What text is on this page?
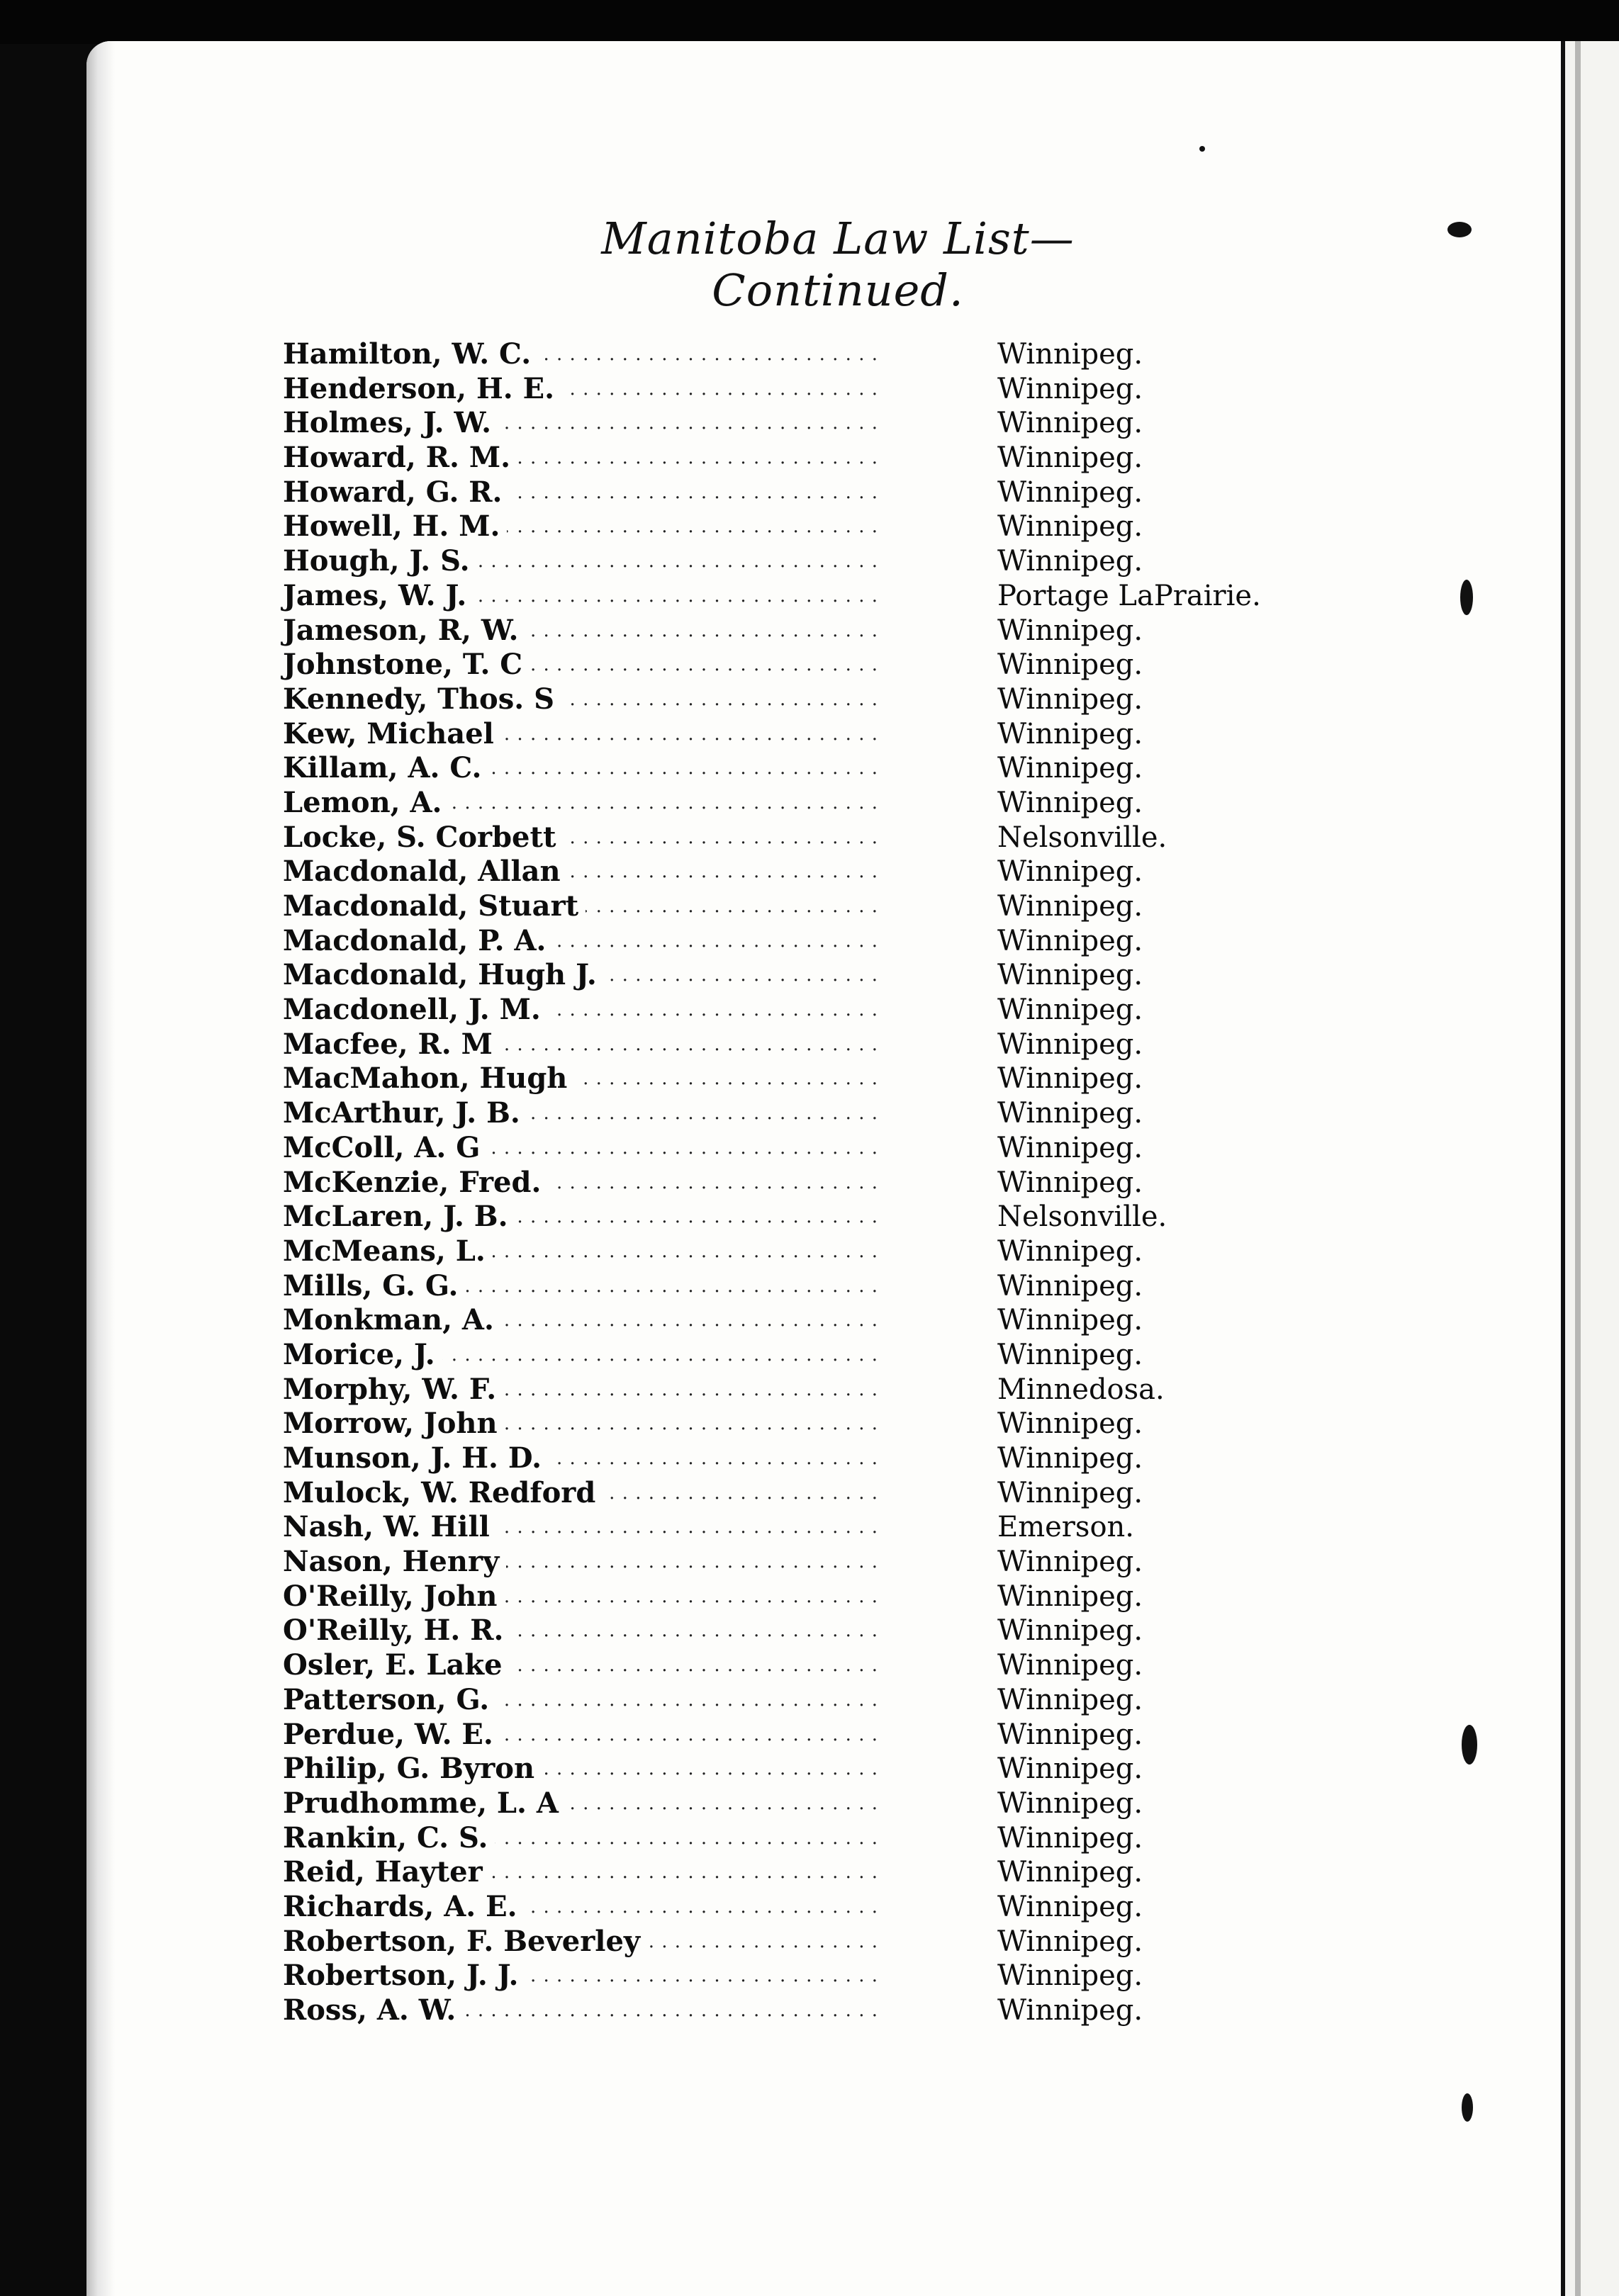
Manitoba Law List—Continued.
. . .
Hamilton, W. C.	Winnipeg.
. . .
Henderson, H. E.	Winnipeg.
. . .
Holmes, J. W.	Winnipeg.
. . .
Howard, R. M.	Winnipeg.
. . .
Howard, G. R.	Winnipeg.
. . .
Howell, H. M.	Winnipeg.
. . .
Hough, J. S.	Winnipeg.
. . .
James, W. J.	Portage LaPrairie.
. . .
Jameson, R, W.	Winnipeg.
. . .
Johnstone, T. C	Winnipeg.
. . .
Kennedy, Thos. S	Winnipeg.
. . .
Kew, Michael	Winnipeg.
. . .
Killam, A. C.	Winnipeg.
. . .
Lemon, A.	Winnipeg.
. . .
Locke, S. Corbett	Nelsonville.
. . .
Macdonald, Allan	Winnipeg.
. . .
Macdonald, Stuart	Winnipeg.
. . .
Macdonald, P. A.	Winnipeg.
. . .
Macdonald, Hugh J.	Winnipeg.
. . .
Macdonell, J. M.	Winnipeg.
. . .
Macfee, R. M	Winnipeg.
. . .
MacMahon, Hugh	Winnipeg.
. . .
McArthur, J. B.	Winnipeg.
. . .
McColl, A. G	Winnipeg.
. . .
McKenzie, Fred.	Winnipeg.
. . .
McLaren, J. B.	Nelsonville.
. . .
McMeans, L.	Winnipeg.
. . .
Mills, G. G.	Winnipeg.
. . .
Monkman, A.	Winnipeg.
. . .
Morice, J.	Winnipeg.
. . .
Morphy, W. F.	Minnedosa.
. . .
Morrow, John	Winnipeg.
. . .
Munson, J. H. D.	Winnipeg.
. . .
Mulock, W. Redford	Winnipeg.
. . .
Nash, W. Hill	Emerson.
. . .
Nason, Henry	Winnipeg.
. . .
O'Reilly, John	Winnipeg.
. . .
O'Reilly, H. R.	Winnipeg.
. . .
Osler, E. Lake	Winnipeg.
. . .
Patterson, G.	Winnipeg.
. . .
Perdue, W. E.	Winnipeg.
. . .
Philip, G. Byron	Winnipeg.
. . .
Prudhomme, L. A	Winnipeg.
. . .
Rankin, C. S.	Winnipeg.
. . .
Reid, Hayter	Winnipeg.
. . .
Richards, A. E.	Winnipeg.
. . .
Robertson, F. Beverley	Winnipeg.
. . .
Robertson, J. J.	Winnipeg.
. . .
Ross, A. W.	Winnipeg.
